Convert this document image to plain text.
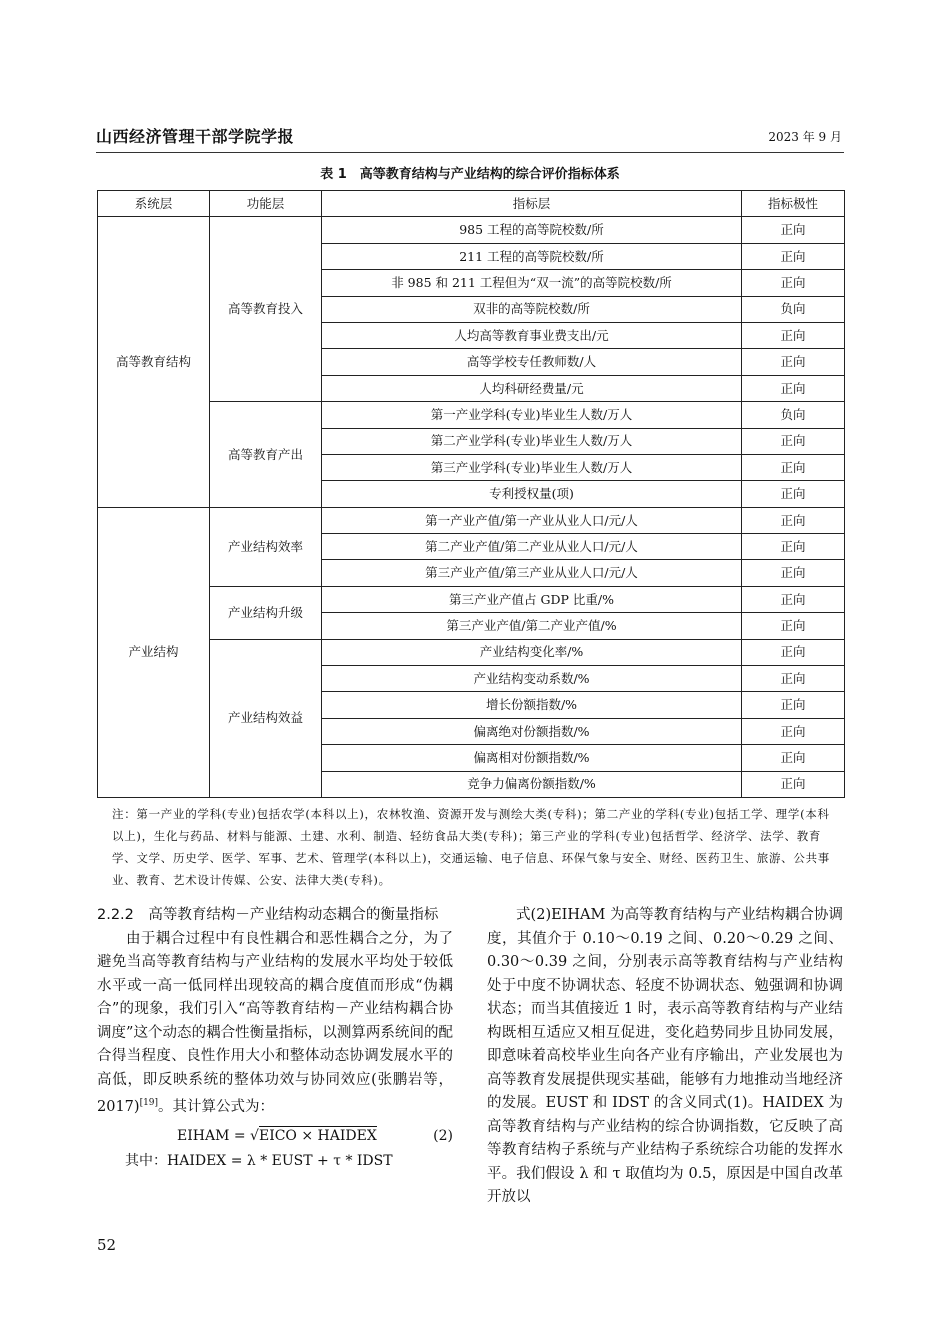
山西经济管理干部学院学报	2023 年 9 月
表 1　高等教育结构与产业结构的综合评价指标体系
系统层	功能层	指标层	指标极性
高等教育结构	高等教育投入	985 工程的高等院校数/所	正向
		211 工程的高等院校数/所	正向
		非 985 和 211 工程但为“双一流”的高等院校数/所	正向
		双非的高等院校数/所	负向
		人均高等教育事业费支出/元	正向
		高等学校专任教师数/人	正向
		人均科研经费量/元	正向
	高等教育产出	第一产业学科(专业)毕业生人数/万人	负向
		第二产业学科(专业)毕业生人数/万人	正向
		第三产业学科(专业)毕业生人数/万人	正向
		专利授权量(项)	正向
产业结构	产业结构效率	第一产业产值/第一产业从业人口/元/人	正向
		第二产业产值/第二产业从业人口/元/人	正向
		第三产业产值/第三产业从业人口/元/人	正向
	产业结构升级	第三产业产值占 GDP 比重/%	正向
		第三产业产值/第二产业产值/%	正向
	产业结构效益	产业结构变化率/%	正向
		产业结构变动系数/%	正向
		增长份额指数/%	正向
		偏离绝对份额指数/%	正向
		偏离相对份额指数/%	正向
		竞争力偏离份额指数/%	正向
注：第一产业的学科(专业)包括农学(本科以上)，农林牧渔、资源开发与测绘大类(专科)；第二产业的学科(专业)包括工学、理学(本科以上)，生化与药品、材料与能源、土建、水利、制造、轻纺食品大类(专科)；第三产业的学科(专业)包括哲学、经济学、法学、教育学、文学、历史学、医学、军事、艺术、管理学(本科以上)，交通运输、电子信息、环保气象与安全、财经、医药卫生、旅游、公共事业、教育、艺术设计传媒、公安、法律大类(专科)。
2.2.2　高等教育结构－产业结构动态耦合的衡量指标

由于耦合过程中有良性耦合和恶性耦合之分，为了避免当高等教育结构与产业结构的发展水平均处于较低水平或一高一低同样出现较高的耦合度值而形成“伪耦合”的现象，我们引入“高等教育结构－产业结构耦合协调度”这个动态的耦合性衡量指标，以测算两系统间的配合得当程度、良性作用大小和整体动态协调发展水平的高低，即反映系统的整体功效与协同效应(张鹏岩等，2017)[19]。其计算公式为：

EIHAM = √EICO × HAIDEX	(2)

其中：HAIDEX = λ * EUST + τ * IDST

式(2)EIHAM 为高等教育结构与产业结构耦合协调度，其值介于 0.10～0.19 之间、0.20～0.29 之间、0.30～0.39 之间，分别表示高等教育结构与产业结构处于中度不协调状态、轻度不协调状态、勉强调和协调状态；而当其值接近 1 时，表示高等教育结构与产业结构既相互适应又相互促进，变化趋势同步且协同发展，即意味着高校毕业生向各产业有序输出，产业发展也为高等教育发展提供现实基础，能够有力地推动当地经济的发展。EUST 和 IDST 的含义同式(1)。HAIDEX 为高等教育结构与产业结构的综合协调指数，它反映了高等教育结构子系统与产业结构子系统综合功能的发挥水平。我们假设 λ 和 τ 取值均为 0.5，原因是中国自改革开放以

52
